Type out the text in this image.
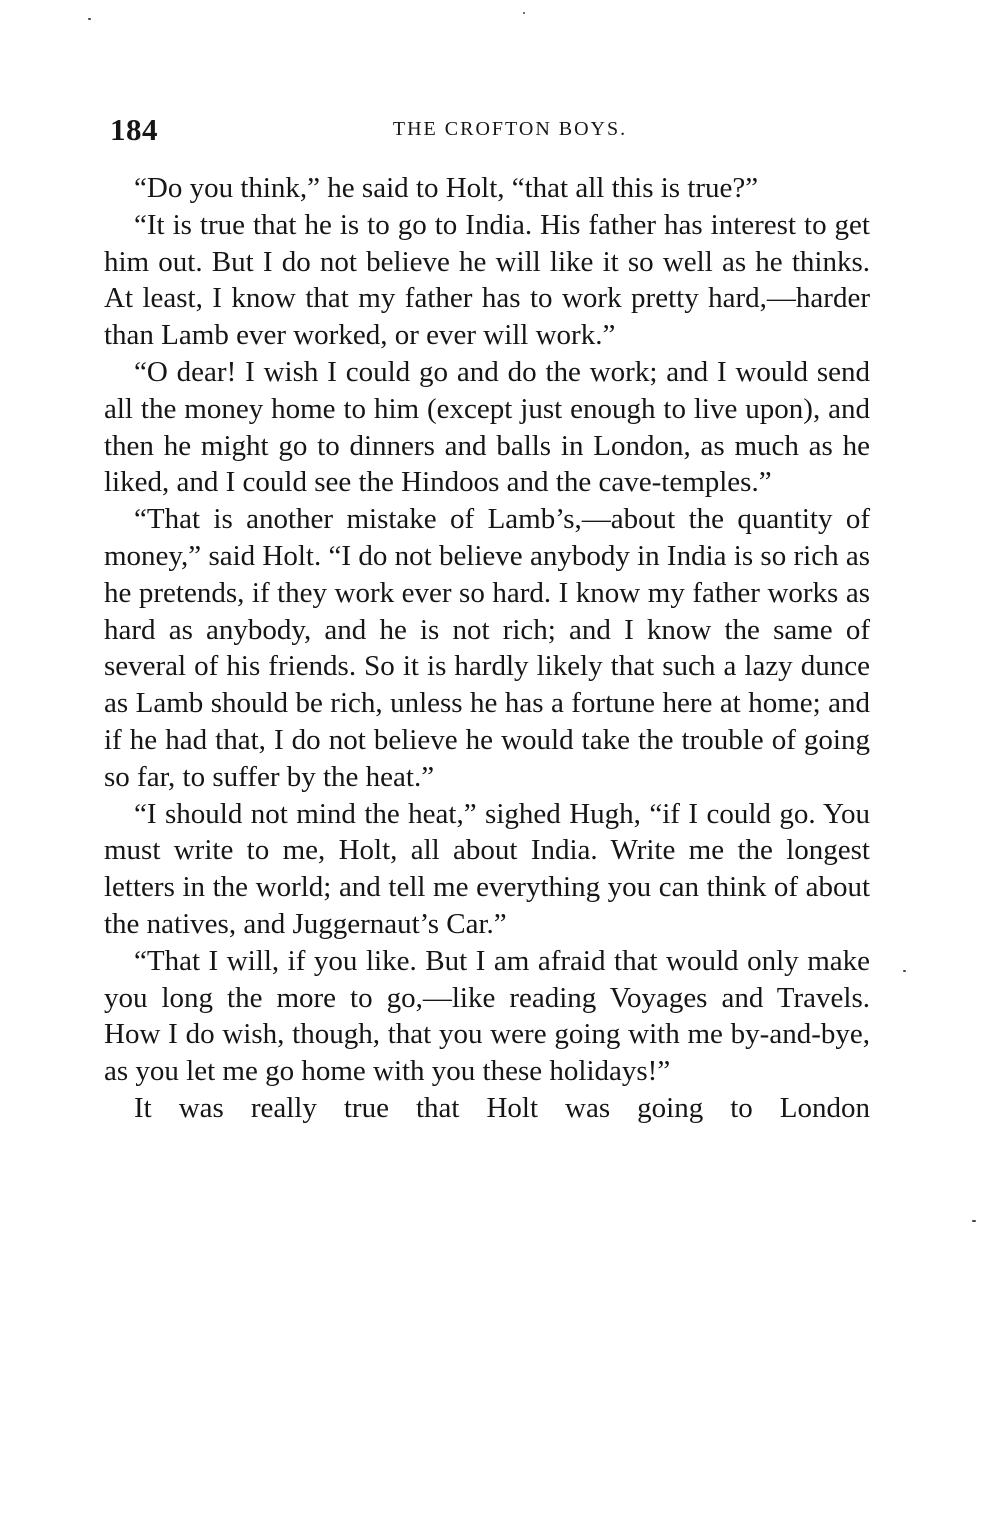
184	THE CROFTON BOYS.

“Do you think,” he said to Holt, “that all this is true?”

“It is true that he is to go to India. His father has interest to get him out. But I do not believe he will like it so well as he thinks. At least, I know that my father has to work pretty hard,—harder than Lamb ever worked, or ever will work.”

“O dear! I wish I could go and do the work; and I would send all the money home to him (except just enough to live upon), and then he might go to dinners and balls in London, as much as he liked, and I could see the Hindoos and the cave-temples.”

“That is another mistake of Lamb’s,—about the quantity of money,” said Holt. “I do not believe anybody in India is so rich as he pretends, if they work ever so hard. I know my father works as hard as anybody, and he is not rich; and I know the same of several of his friends. So it is hardly likely that such a lazy dunce as Lamb should be rich, unless he has a fortune here at home; and if he had that, I do not believe he would take the trouble of going so far, to suffer by the heat.”

“I should not mind the heat,” sighed Hugh, “if I could go. You must write to me, Holt, all about India. Write me the longest letters in the world; and tell me everything you can think of about the natives, and Juggernaut’s Car.”

“That I will, if you like. But I am afraid that would only make you long the more to go,—like reading Voyages and Travels. How I do wish, though, that you were going with me by-and-bye, as you let me go home with you these holidays!”

It was really true that Holt was going to London
